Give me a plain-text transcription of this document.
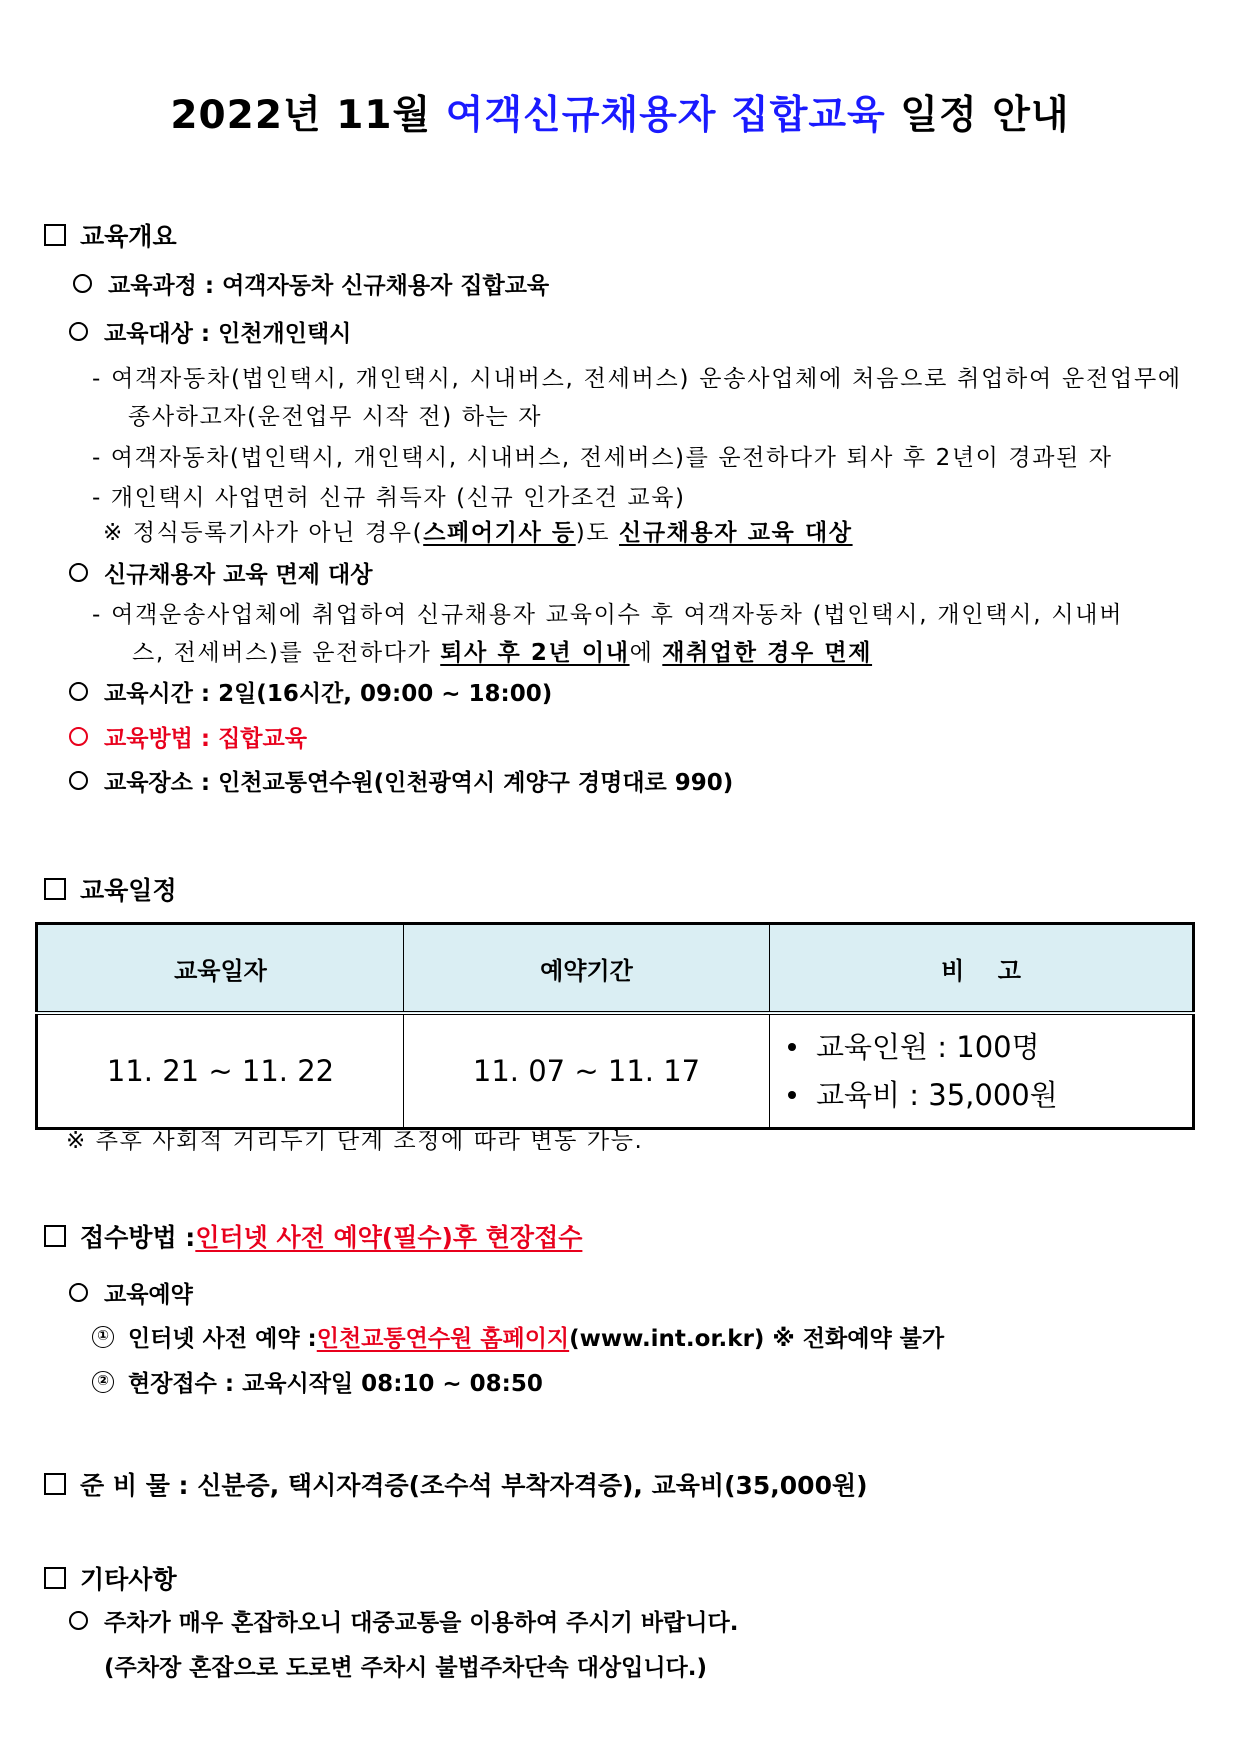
2022년 11월 여객신규채용자 집합교육 일정 안내
교육개요
교육과정 : 여객자동차 신규채용자 집합교육
교육대상 : 인천개인택시
- 여객자동차(법인택시, 개인택시, 시내버스, 전세버스) 운송사업체에 처음으로 취업하여 운전업무에
종사하고자(운전업무 시작 전) 하는 자
- 여객자동차(법인택시, 개인택시, 시내버스, 전세버스)를 운전하다가 퇴사 후 2년이 경과된 자
- 개인택시 사업면허 신규 취득자 (신규 인가조건 교육)
※ 정식등록기사가 아닌 경우(스페어기사 등)도 신규채용자 교육 대상
신규채용자 교육 면제 대상
- 여객운송사업체에 취업하여 신규채용자 교육이수 후 여객자동차 (법인택시, 개인택시, 시내버
스, 전세버스)를 운전하다가 퇴사 후 2년 이내에 재취업한 경우 면제
교육시간 : 2일(16시간, 09:00 ~ 18:00)
교육방법 : 집합교육
교육장소 : 인천교통연수원(인천광역시 계양구 경명대로 990)
교육일정
교육일자	예약기간	비    고
11. 21 ~ 11. 22	11. 07 ~ 11. 17	교육인원 : 100명
교육비 : 35,000원
※ 추후 사회적 거리두기 단계 조정에 따라 변동 가능.
접수방법 : 인터넷 사전 예약(필수)후 현장접수
교육예약
① 인터넷 사전 예약 : 인천교통연수원 홈페이지 (www.int.or.kr) ※ 전화예약 불가
② 현장접수 : 교육시작일 08:10 ~ 08:50
준 비 물 : 신분증, 택시자격증(조수석 부착자격증), 교육비(35,000원)
기타사항
주차가 매우 혼잡하오니 대중교통을 이용하여 주시기 바랍니다.
(주차장 혼잡으로 도로변 주차시 불법주차단속 대상입니다.)
